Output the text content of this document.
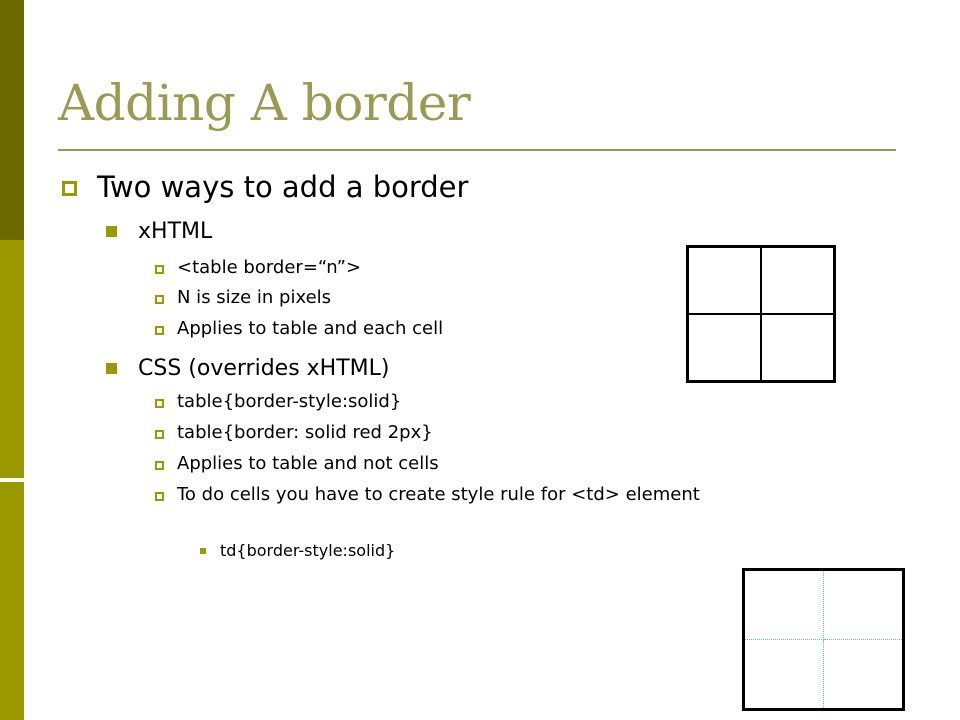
Adding A border
Two ways to add a border
xHTML
<table border=“n”>
N is size in pixels
Applies to table and each cell
CSS (overrides xHTML)
table{border-style:solid}
table{border: solid red 2px}
Applies to table and not cells
To do cells you have to create style rule for <td> element
td{border-style:solid}
